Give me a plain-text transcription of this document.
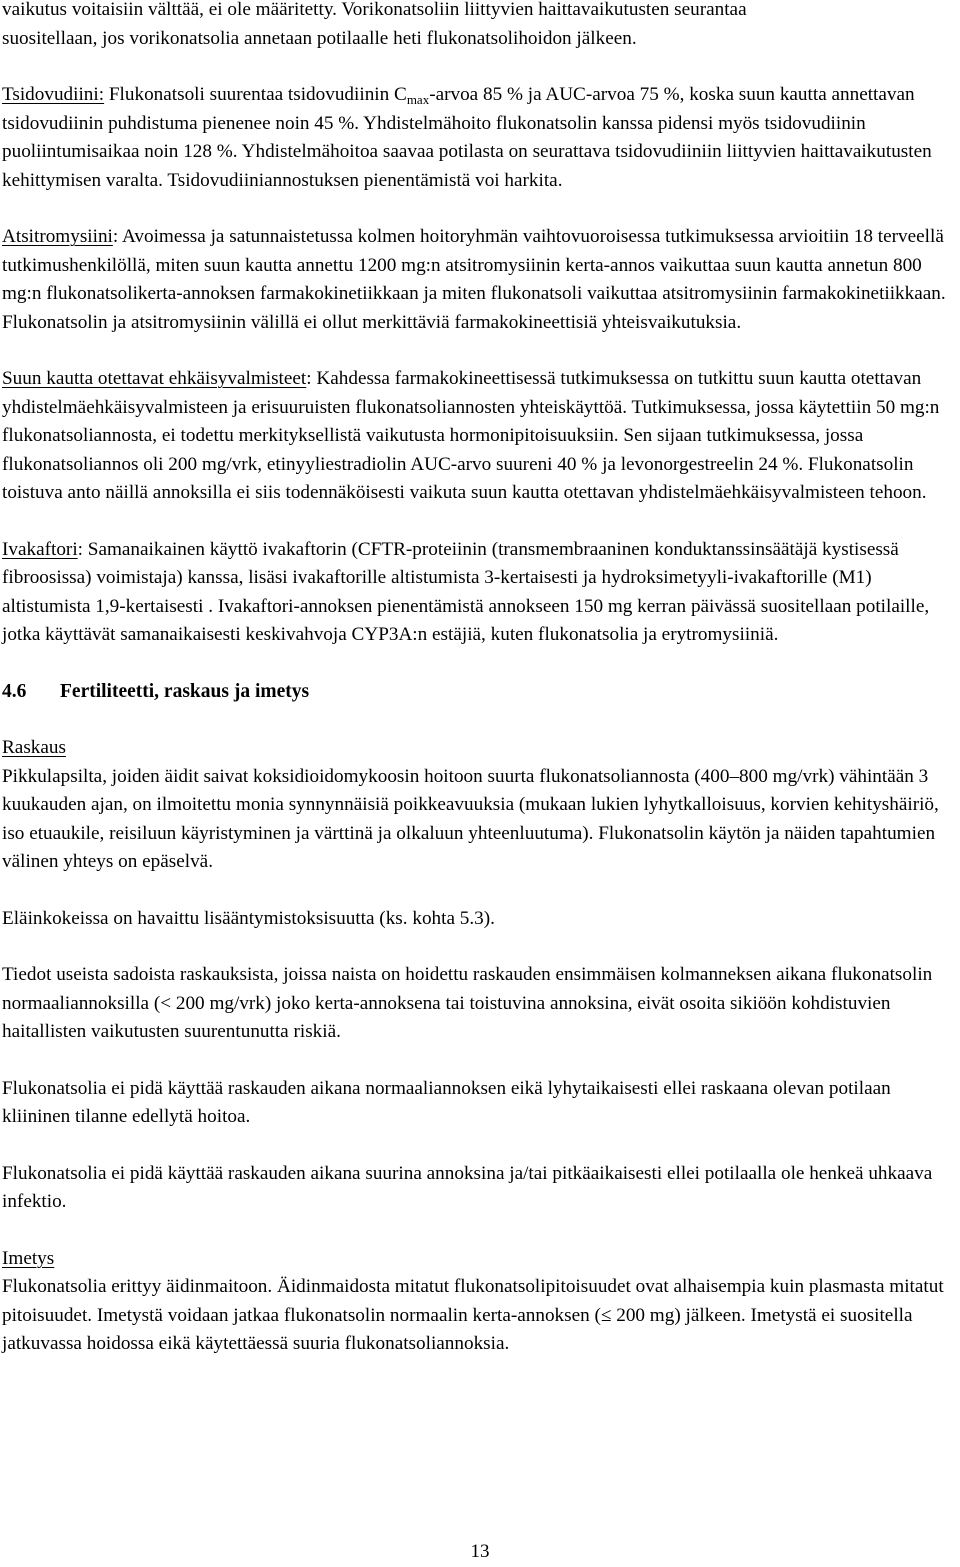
vaikutus voitaisiin välttää, ei ole määritetty. Vorikonatsoliin liittyvien haittavaikutusten seurantaa
suositellaan, jos vorikonatsolia annetaan potilaalle heti flukonatsolihoidon jälkeen.

Tsidovudiini: Flukonatsoli suurentaa tsidovudiinin $C_{max}$-arvoa 85 % ja AUC-arvoa 75 %, koska suun kautta annettavan tsidovudiinin puhdistuma pienenee noin 45 %. Yhdistelmähoito flukonatsolin kanssa pidensi myös tsidovudiinin puoliintumisaikaa noin 128 %. Yhdistelmähoitoa saavaa potilasta on seurattava tsidovudiiniin liittyvien haittavaikutusten kehittymisen varalta. Tsidovudiiniannostuksen pienentämistä voi harkita.

Atsitromysiini: Avoimessa ja satunnaistetussa kolmen hoitoryhmän vaihtovuoroisessa tutkimuksessa arvioitiin 18 terveellä tutkimushenkilöllä, miten suun kautta annettu 1200 mg:n atsitromysiinin kerta-annos vaikuttaa suun kautta annetun 800 mg:n flukonatsolikerta-annoksen farmakokinetiikkaan ja miten flukonatsoli vaikuttaa atsitromysiinin farmakokinetiikkaan. Flukonatsolin ja atsitromysiinin välillä ei ollut merkittäviä farmakokineettisiä yhteisvaikutuksia.

Suun kautta otettavat ehkäisyvalmisteet: Kahdessa farmakokineettisessä tutkimuksessa on tutkittu suun kautta otettavan yhdistelmäehkäisyvalmisteen ja erisuuruisten flukonatsoliannosten yhteiskäyttöä. Tutkimuksessa, jossa käytettiin 50 mg:n flukonatsoliannosta, ei todettu merkityksellistä vaikutusta hormonipitoisuuksiin. Sen sijaan tutkimuksessa, jossa flukonatsoliannos oli 200 mg/vrk, etinyyliestradiolin AUC-arvo suureni 40 % ja levonorgestreelin 24 %. Flukonatsolin toistuva anto näillä annoksilla ei siis todennäköisesti vaikuta suun kautta otettavan yhdistelmäehkäisyvalmisteen tehoon.

Ivakaftori: Samanaikainen käyttö ivakaftorin (CFTR-proteiinin (transmembraaninen konduktanssinsäätäjä kystisessä fibroosissa) voimistaja) kanssa, lisäsi ivakaftorille altistumista 3-kertaisesti ja hydroksimetyyli-ivakaftorille (M1) altistumista 1,9-kertaisesti . Ivakaftori-annoksen pienentämistä annokseen 150 mg kerran päivässä suositellaan potilaille, jotka käyttävät samanaikaisesti keskivahvoja CYP3A:n estäjiä, kuten flukonatsolia ja erytromysiiniä.

4.6 Fertiliteetti, raskaus ja imetys

Raskaus

Pikkulapsilta, joiden äidit saivat koksidioidomykoosin hoitoon suurta flukonatsoliannosta (400–800 mg/vrk) vähintään 3 kuukauden ajan, on ilmoitettu monia synnynnäisiä poikkeavuuksia (mukaan lukien lyhytkalloisuus, korvien kehityshäiriö, iso etuaukile, reisiluun käyristyminen ja värttinä ja olkaluun yhteenluutuma). Flukonatsolin käytön ja näiden tapahtumien välinen yhteys on epäselvä.

Eläinkokeissa on havaittu lisääntymistoksisuutta (ks. kohta 5.3).

Tiedot useista sadoista raskauksista, joissa naista on hoidettu raskauden ensimmäisen kolmanneksen aikana flukonatsolin normaaliannoksilla (< 200 mg/vrk) joko kerta-annoksena tai toistuvina annoksina, eivät osoita sikiöön kohdistuvien haitallisten vaikutusten suurentunutta riskiä.

Flukonatsolia ei pidä käyttää raskauden aikana normaaliannoksen eikä lyhytaikaisesti ellei raskaana olevan potilaan kliininen tilanne edellytä hoitoa.

Flukonatsolia ei pidä käyttää raskauden aikana suurina annoksina ja/tai pitkäaikaisesti ellei potilaalla ole henkeä uhkaava infektio.

Imetys

Flukonatsolia erittyy äidinmaitoon. Äidinmaidosta mitatut flukonatsolipitoisuudet ovat alhaisempia kuin plasmasta mitatut pitoisuudet. Imetystä voidaan jatkaa flukonatsolin normaalin kerta-annoksen (≤ 200 mg) jälkeen. Imetystä ei suositella jatkuvassa hoidossa eikä käytettäessä suuria flukonatsoliannoksia.

13
